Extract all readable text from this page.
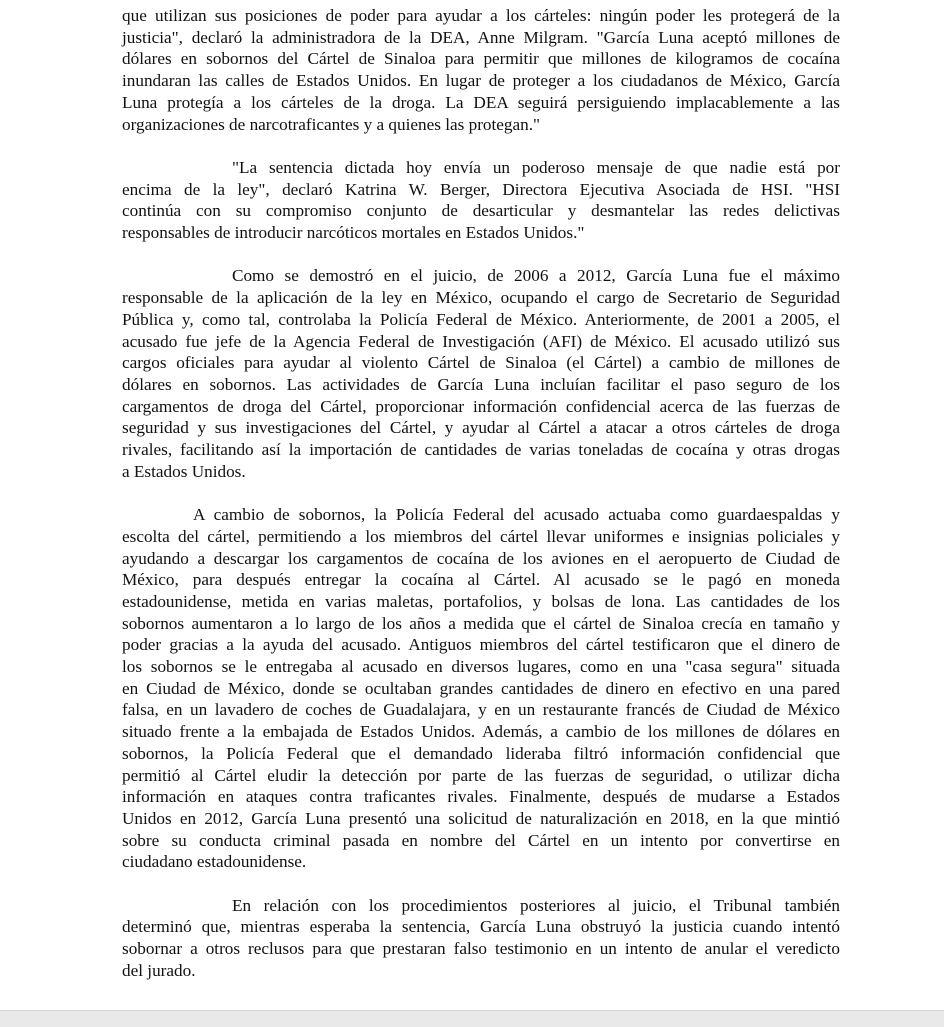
que utilizan sus posiciones de poder para ayudar a los cárteles: ningún poder les protegerá de la
justicia", declaró la administradora de la DEA, Anne Milgram. "García Luna aceptó millones de
dólares en sobornos del Cártel de Sinaloa para permitir que millones de kilogramos de cocaína
inundaran las calles de Estados Unidos. En lugar de proteger a los ciudadanos de México, García
Luna protegía a los cárteles de la droga. La DEA seguirá persiguiendo implacablemente a las
organizaciones de narcotraficantes y a quienes las protegan."
"La sentencia dictada hoy envía un poderoso mensaje de que nadie está por
encima de la ley", declaró Katrina W. Berger, Directora Ejecutiva Asociada de HSI. "HSI
continúa con su compromiso conjunto de desarticular y desmantelar las redes delictivas
responsables de introducir narcóticos mortales en Estados Unidos."
Como se demostró en el juicio, de 2006 a 2012, García Luna fue el máximo
responsable de la aplicación de la ley en México, ocupando el cargo de Secretario de Seguridad
Pública y, como tal, controlaba la Policía Federal de México. Anteriormente, de 2001 a 2005, el
acusado fue jefe de la Agencia Federal de Investigación (AFI) de México. El acusado utilizó sus
cargos oficiales para ayudar al violento Cártel de Sinaloa (el Cártel) a cambio de millones de
dólares en sobornos. Las actividades de García Luna incluían facilitar el paso seguro de los
cargamentos de droga del Cártel, proporcionar información confidencial acerca de las fuerzas de
seguridad y sus investigaciones del Cártel, y ayudar al Cártel a atacar a otros cárteles de droga
rivales, facilitando así la importación de cantidades de varias toneladas de cocaína y otras drogas
a Estados Unidos.
A cambio de sobornos, la Policía Federal del acusado actuaba como guardaespaldas y
escolta del cártel, permitiendo a los miembros del cártel llevar uniformes e insignias policiales y
ayudando a descargar los cargamentos de cocaína de los aviones en el aeropuerto de Ciudad de
México, para después entregar la cocaína al Cártel. Al acusado se le pagó en moneda
estadounidense, metida en varias maletas, portafolios, y bolsas de lona. Las cantidades de los
sobornos aumentaron a lo largo de los años a medida que el cártel de Sinaloa crecía en tamaño y
poder gracias a la ayuda del acusado. Antiguos miembros del cártel testificaron que el dinero de
los sobornos se le entregaba al acusado en diversos lugares, como en una "casa segura" situada
en Ciudad de México, donde se ocultaban grandes cantidades de dinero en efectivo en una pared
falsa, en un lavadero de coches de Guadalajara, y en un restaurante francés de Ciudad de México
situado frente a la embajada de Estados Unidos. Además, a cambio de los millones de dólares en
sobornos, la Policía Federal que el demandado lideraba filtró información confidencial que
permitió al Cártel eludir la detección por parte de las fuerzas de seguridad, o utilizar dicha
información en ataques contra traficantes rivales. Finalmente, después de mudarse a Estados
Unidos en 2012, García Luna presentó una solicitud de naturalización en 2018, en la que mintió
sobre su conducta criminal pasada en nombre del Cártel en un intento por convertirse en
ciudadano estadounidense.
En relación con los procedimientos posteriores al juicio, el Tribunal también
determinó que, mientras esperaba la sentencia, García Luna obstruyó la justicia cuando intentó
sobornar a otros reclusos para que prestaran falso testimonio en un intento de anular el veredicto
del jurado.
